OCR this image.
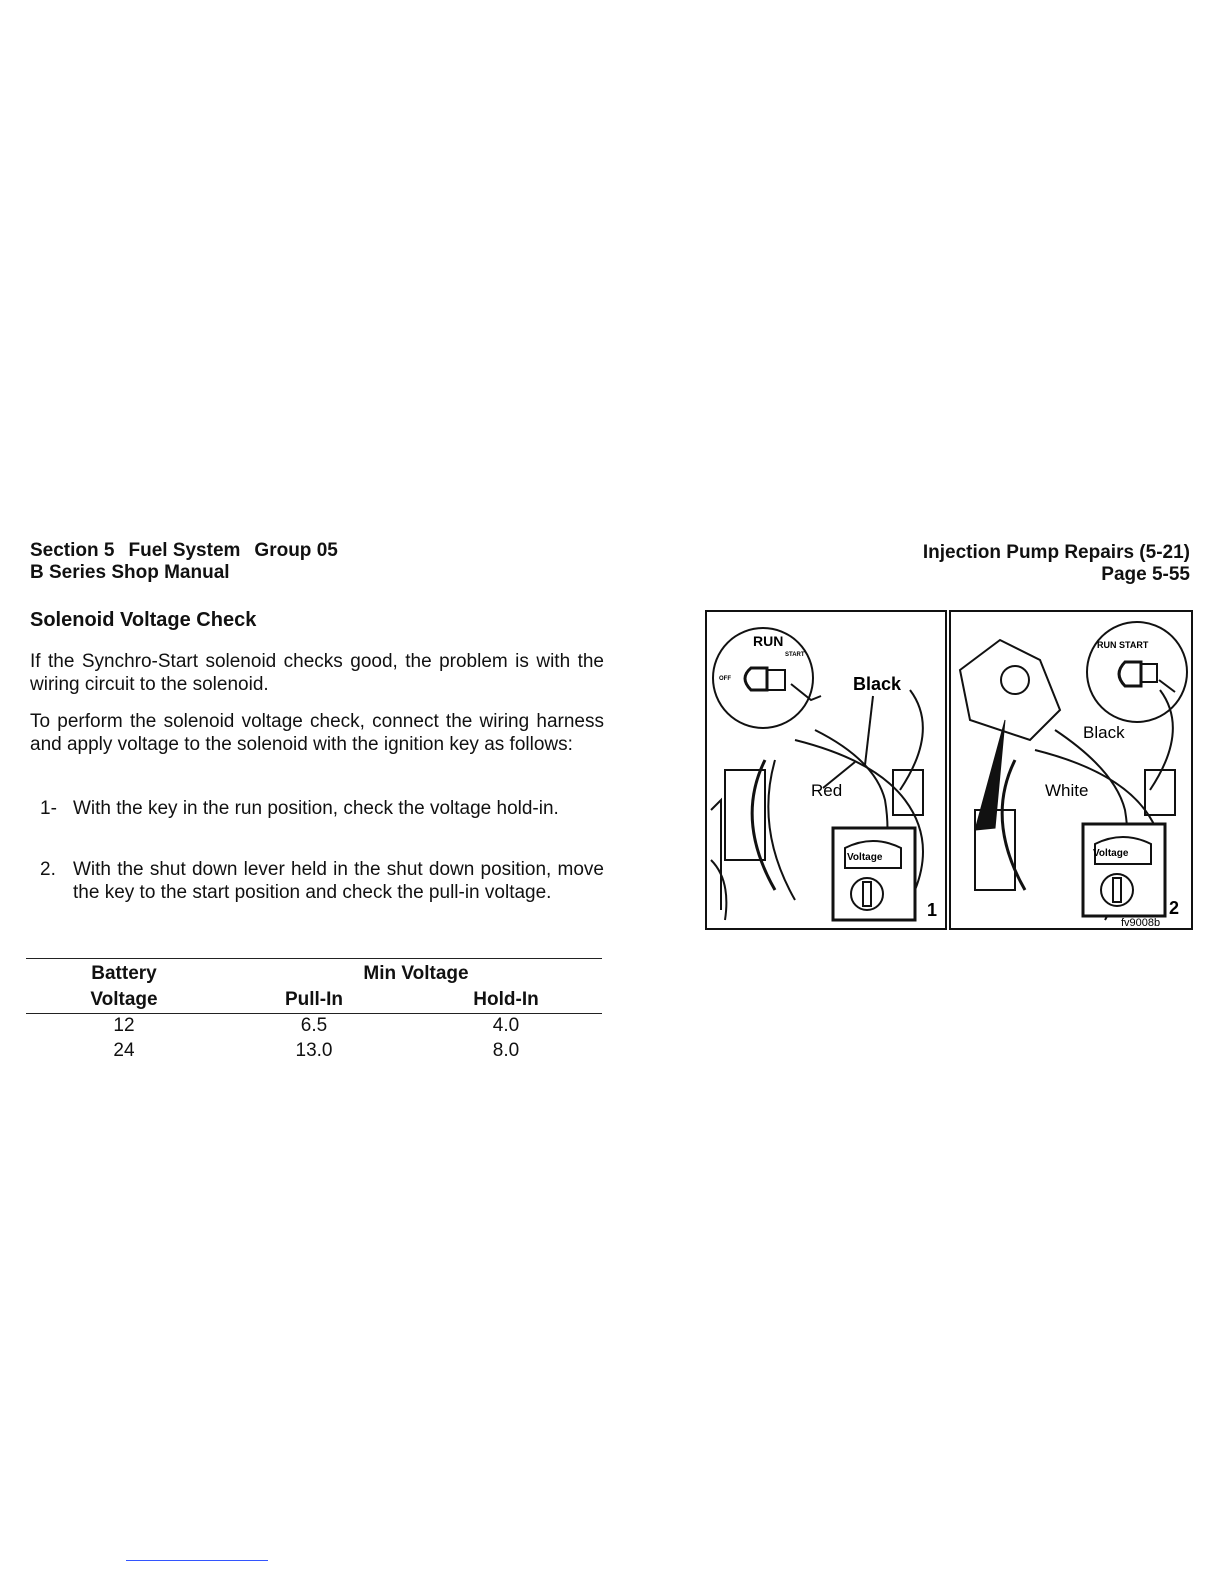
Section 5 Fuel System Group 05
B Series Shop Manual
Injection Pump Repairs (5-21)
Page 5-55
Solenoid Voltage Check

If the Synchro-Start solenoid checks good, the problem is with the wiring circuit to the solenoid.

To perform the solenoid voltage check, connect the wiring harness and apply voltage to the solenoid with the ignition key as follows:

1- With the key in the run position, check the voltage hold-in.
2. With the shut down lever held in the shut down position, move the key to the start position and check the pull-in voltage.
Battery	Min Voltage
Voltage	Pull-In	Hold-In
12	6.5	4.0
24	13.0	8.0
RUN
START
OFF	Black
Red
Voltage
1
RUN START
Black
White
Voltage
2
fv9008b
